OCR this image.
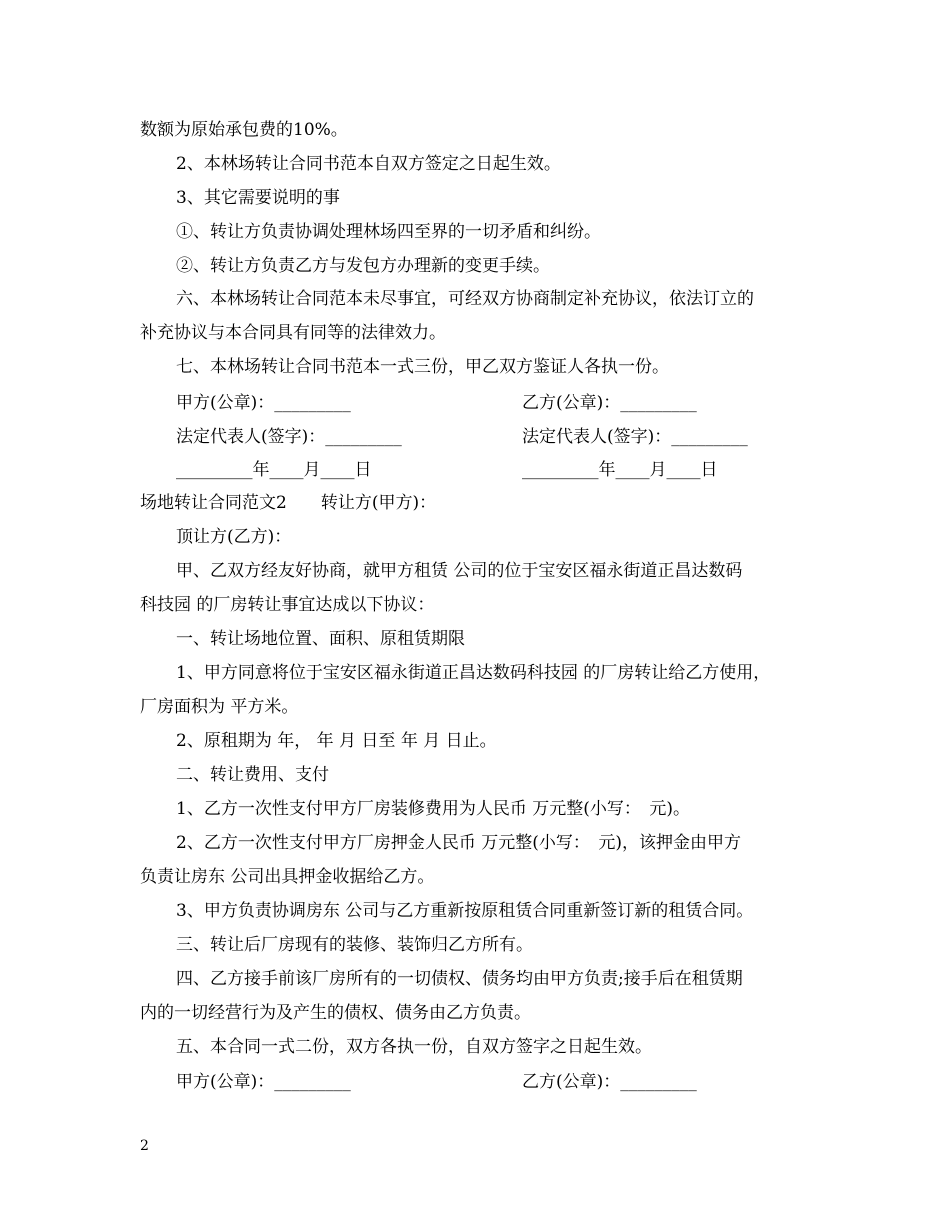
数额为原始承包费的10%。
2、本林场转让合同书范本自双方签定之日起生效。
3、其它需要说明的事
①、转让方负责协调处理林场四至界的一切矛盾和纠纷。
②、转让方负责乙方与发包方办理新的变更手续。
六、本林场转让合同范本未尽事宜，可经双方协商制定补充协议，依法订立的
补充协议与本合同具有同等的法律效力。
七、本林场转让合同书范本一式三份，甲乙双方鉴证人各执一份。
甲方(公章)：_________	乙方(公章)：_________
法定代表人(签字)：_________	法定代表人(签字)：_________
_________年____月____日	_________年____月____日
场地转让合同范文2　　转让方(甲方)：
顶让方(乙方)：
甲、乙双方经友好协商，就甲方租赁 公司的位于宝安区福永街道正昌达数码
科技园 的厂房转让事宜达成以下协议：
一、转让场地位置、面积、原租赁期限
1、甲方同意将位于宝安区福永街道正昌达数码科技园 的厂房转让给乙方使用，
厂房面积为 平方米。
2、原租期为 年， 年 月 日至 年 月 日止。
二、转让费用、支付
1、乙方一次性支付甲方厂房装修费用为人民币 万元整(小写：　元)。
2、乙方一次性支付甲方厂房押金人民币 万元整(小写：　元)，该押金由甲方
负责让房东 公司出具押金收据给乙方。
3、甲方负责协调房东 公司与乙方重新按原租赁合同重新签订新的租赁合同。
三、转让后厂房现有的装修、装饰归乙方所有。
四、乙方接手前该厂房所有的一切债权、债务均由甲方负责;接手后在租赁期
内的一切经营行为及产生的债权、债务由乙方负责。
五、本合同一式二份，双方各执一份，自双方签字之日起生效。
甲方(公章)：_________	乙方(公章)：_________
2
